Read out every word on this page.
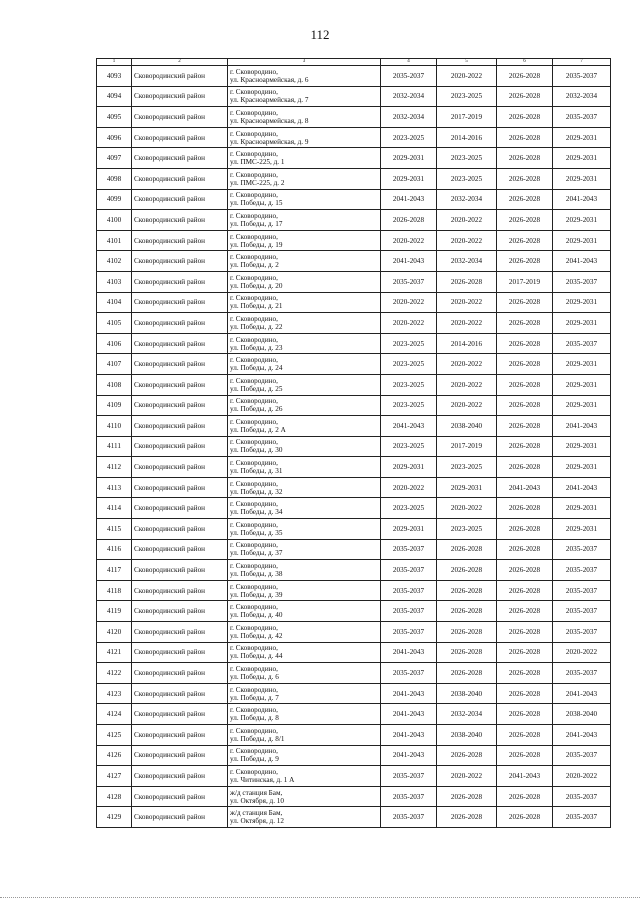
112
1	2	3	4	5	6	7
4093	Сковородинский район	г. Сковородино,
ул. Красноармейская, д. 6	2035-2037	2020-2022	2026-2028	2035-2037
4094	Сковородинский район	г. Сковородино,
ул. Красноармейская, д. 7	2032-2034	2023-2025	2026-2028	2032-2034
4095	Сковородинский район	г. Сковородино,
ул. Красноармейская, д. 8	2032-2034	2017-2019	2026-2028	2035-2037
4096	Сковородинский район	г. Сковородино,
ул. Красноармейская, д. 9	2023-2025	2014-2016	2026-2028	2029-2031
4097	Сковородинский район	г. Сковородино,
ул. ПМС-225, д. 1	2029-2031	2023-2025	2026-2028	2029-2031
4098	Сковородинский район	г. Сковородино,
ул. ПМС-225, д. 2	2029-2031	2023-2025	2026-2028	2029-2031
4099	Сковородинский район	г. Сковородино,
ул. Победы, д. 15	2041-2043	2032-2034	2026-2028	2041-2043
4100	Сковородинский район	г. Сковородино,
ул. Победы, д. 17	2026-2028	2020-2022	2026-2028	2029-2031
4101	Сковородинский район	г. Сковородино,
ул. Победы, д. 19	2020-2022	2020-2022	2026-2028	2029-2031
4102	Сковородинский район	г. Сковородино,
ул. Победы, д. 2	2041-2043	2032-2034	2026-2028	2041-2043
4103	Сковородинский район	г. Сковородино,
ул. Победы, д. 20	2035-2037	2026-2028	2017-2019	2035-2037
4104	Сковородинский район	г. Сковородино,
ул. Победы, д. 21	2020-2022	2020-2022	2026-2028	2029-2031
4105	Сковородинский район	г. Сковородино,
ул. Победы, д. 22	2020-2022	2020-2022	2026-2028	2029-2031
4106	Сковородинский район	г. Сковородино,
ул. Победы, д. 23	2023-2025	2014-2016	2026-2028	2035-2037
4107	Сковородинский район	г. Сковородино,
ул. Победы, д. 24	2023-2025	2020-2022	2026-2028	2029-2031
4108	Сковородинский район	г. Сковородино,
ул. Победы, д. 25	2023-2025	2020-2022	2026-2028	2029-2031
4109	Сковородинский район	г. Сковородино,
ул. Победы, д. 26	2023-2025	2020-2022	2026-2028	2029-2031
4110	Сковородинский район	г. Сковородино,
ул. Победы, д. 2 А	2041-2043	2038-2040	2026-2028	2041-2043
4111	Сковородинский район	г. Сковородино,
ул. Победы, д. 30	2023-2025	2017-2019	2026-2028	2029-2031
4112	Сковородинский район	г. Сковородино,
ул. Победы, д. 31	2029-2031	2023-2025	2026-2028	2029-2031
4113	Сковородинский район	г. Сковородино,
ул. Победы, д. 32	2020-2022	2029-2031	2041-2043	2041-2043
4114	Сковородинский район	г. Сковородино,
ул. Победы, д. 34	2023-2025	2020-2022	2026-2028	2029-2031
4115	Сковородинский район	г. Сковородино,
ул. Победы, д. 35	2029-2031	2023-2025	2026-2028	2029-2031
4116	Сковородинский район	г. Сковородино,
ул. Победы, д. 37	2035-2037	2026-2028	2026-2028	2035-2037
4117	Сковородинский район	г. Сковородино,
ул. Победы, д. 38	2035-2037	2026-2028	2026-2028	2035-2037
4118	Сковородинский район	г. Сковородино,
ул. Победы, д. 39	2035-2037	2026-2028	2026-2028	2035-2037
4119	Сковородинский район	г. Сковородино,
ул. Победы, д. 40	2035-2037	2026-2028	2026-2028	2035-2037
4120	Сковородинский район	г. Сковородино,
ул. Победы, д. 42	2035-2037	2026-2028	2026-2028	2035-2037
4121	Сковородинский район	г. Сковородино,
ул. Победы, д. 44	2041-2043	2026-2028	2026-2028	2020-2022
4122	Сковородинский район	г. Сковородино,
ул. Победы, д. 6	2035-2037	2026-2028	2026-2028	2035-2037
4123	Сковородинский район	г. Сковородино,
ул. Победы, д. 7	2041-2043	2038-2040	2026-2028	2041-2043
4124	Сковородинский район	г. Сковородино,
ул. Победы, д. 8	2041-2043	2032-2034	2026-2028	2038-2040
4125	Сковородинский район	г. Сковородино,
ул. Победы, д. 8/1	2041-2043	2038-2040	2026-2028	2041-2043
4126	Сковородинский район	г. Сковородино,
ул. Победы, д. 9	2041-2043	2026-2028	2026-2028	2035-2037
4127	Сковородинский район	г. Сковородино,
ул. Читинская, д. 1 А	2035-2037	2020-2022	2041-2043	2020-2022
4128	Сковородинский район	ж/д станция Бам,
ул. Октября, д. 10	2035-2037	2026-2028	2026-2028	2035-2037
4129	Сковородинский район	ж/д станция Бам,
ул. Октября, д. 12	2035-2037	2026-2028	2026-2028	2035-2037
